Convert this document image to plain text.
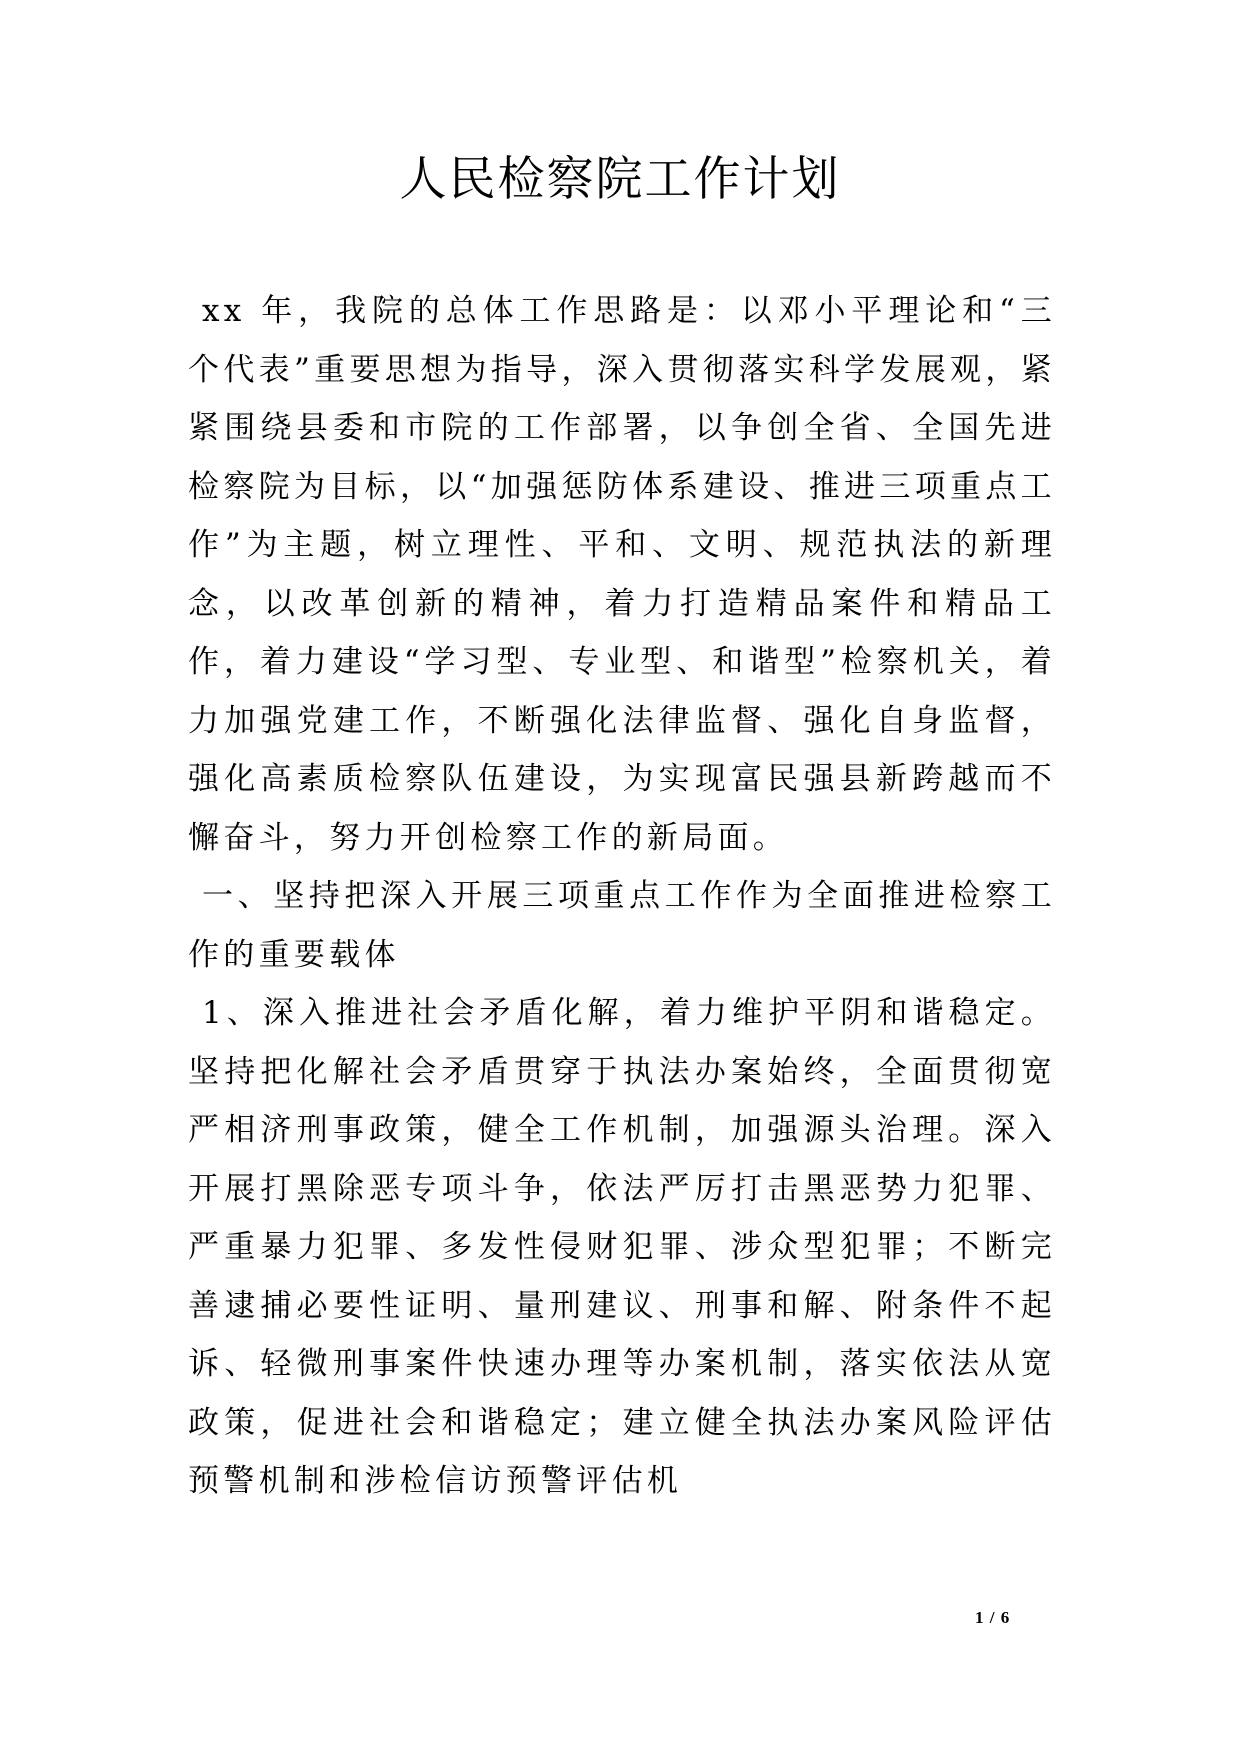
人民检察院工作计划

xx 年，我院的总体工作思路是：以邓小平理论和“三个代表”重要思想为指导，深入贯彻落实科学发展观，紧紧围绕县委和市院的工作部署，以争创全省、全国先进检察院为目标，以“加强惩防体系建设、推进三项重点工作”为主题，树立理性、平和、文明、规范执法的新理念，以改革创新的精神，着力打造精品案件和精品工作，着力建设“学习型、专业型、和谐型”检察机关，着力加强党建工作，不断强化法律监督、强化自身监督，强化高素质检察队伍建设，为实现富民强县新跨越而不懈奋斗，努力开创检察工作的新局面。

一、坚持把深入开展三项重点工作作为全面推进检察工作的重要载体

1、深入推进社会矛盾化解，着力维护平阴和谐稳定。坚持把化解社会矛盾贯穿于执法办案始终，全面贯彻宽严相济刑事政策，健全工作机制，加强源头治理。深入开展打黑除恶专项斗争，依法严厉打击黑恶势力犯罪、严重暴力犯罪、多发性侵财犯罪、涉众型犯罪；不断完善逮捕必要性证明、量刑建议、刑事和解、附条件不起诉、轻微刑事案件快速办理等办案机制，落实依法从宽政策，促进社会和谐稳定；建立健全执法办案风险评估预警机制和涉检信访预警评估机

1 / 6
